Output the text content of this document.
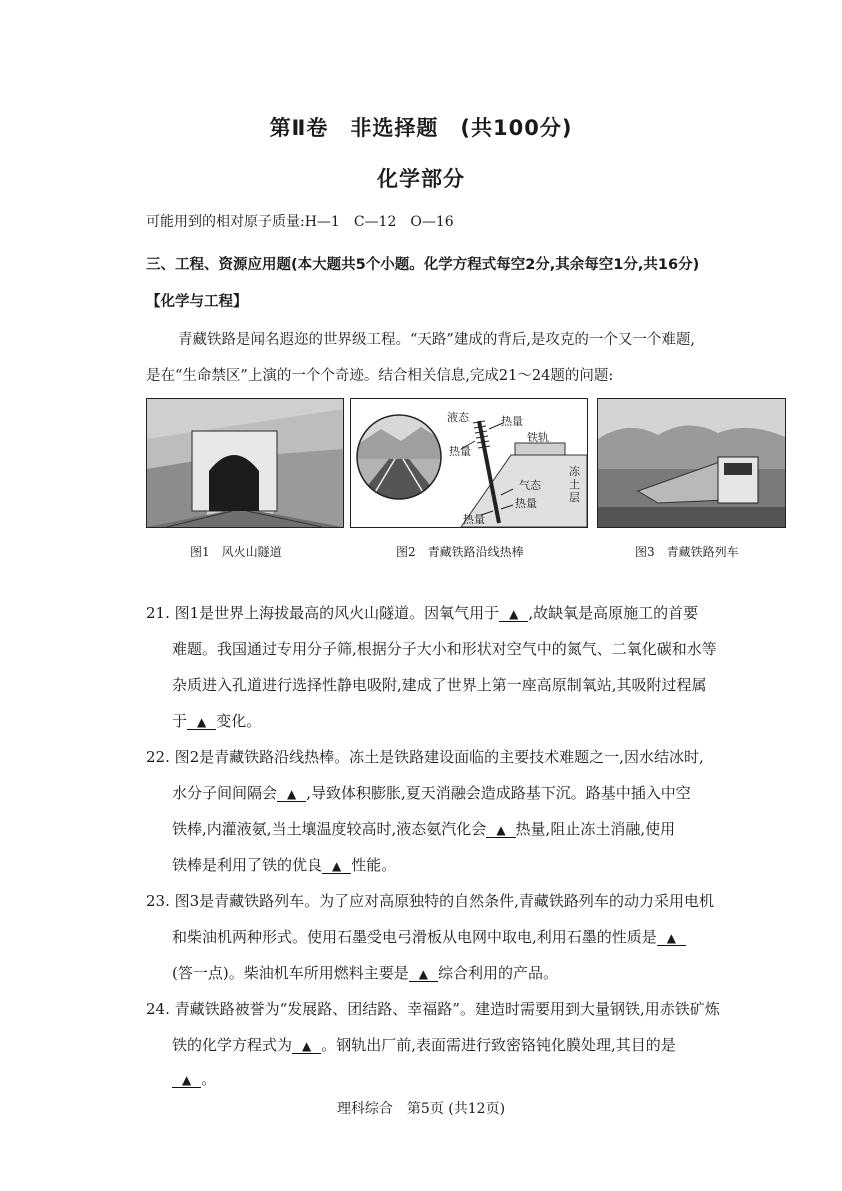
第Ⅱ卷　非选择题　(共100分)
化学部分
可能用到的相对原子质量:H—1　C—12　O—16
三、工程、资源应用题(本大题共5个小题。化学方程式每空2分,其余每空1分,共16分)
【化学与工程】
青藏铁路是闻名遐迩的世界级工程。“天路”建成的背后,是攻克的一个又一个难题,
是在“生命禁区”上演的一个个奇迹。结合相关信息,完成21～24题的问题:
液态	热量
热量
铁轨
气态
热量
热量
冻土层
图1　风火山隧道	图2　青藏铁路沿线热棒	图3　青藏铁路列车
21. 图1是世界上海拔最高的风火山隧道。因氧气用于 ▲ ,故缺氧是高原施工的首要
难题。我国通过专用分子筛,根据分子大小和形状对空气中的氮气、二氧化碳和水等
杂质进入孔道进行选择性静电吸附,建成了世界上第一座高原制氧站,其吸附过程属
于 ▲ 变化。
22. 图2是青藏铁路沿线热棒。冻土是铁路建设面临的主要技术难题之一,因水结冰时,
水分子间间隔会 ▲ ,导致体积膨胀,夏天消融会造成路基下沉。路基中插入中空
铁棒,内灌液氨,当土壤温度较高时,液态氨汽化会 ▲ 热量,阻止冻土消融,使用
铁棒是利用了铁的优良 ▲ 性能。
23. 图3是青藏铁路列车。为了应对高原独特的自然条件,青藏铁路列车的动力采用电机
和柴油机两种形式。使用石墨受电弓滑板从电网中取电,利用石墨的性质是 ▲
(答一点)。柴油机车所用燃料主要是 ▲ 综合利用的产品。
24. 青藏铁路被誉为“发展路、团结路、幸福路”。建造时需要用到大量钢铁,用赤铁矿炼
铁的化学方程式为 ▲ 。钢轨出厂前,表面需进行致密铬钝化膜处理,其目的是
▲ 。
理科综合　第5页 (共12页)
